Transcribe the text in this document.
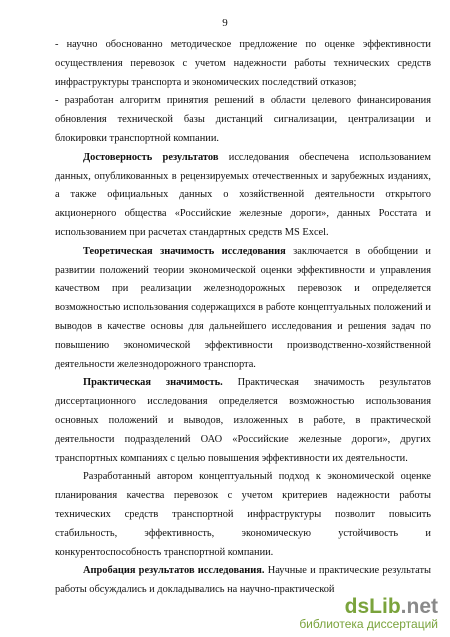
9

- научно обоснованно методическое предложение по оценке эффективности осуществления перевозок с учетом надежности работы технических средств инфраструктуры транспорта и экономических последствий отказов;

- разработан алгоритм принятия решений в области целевого финансирования обновления технической базы дистанций сигнализации, централизации и блокировки транспортной компании.

Достоверность результатов исследования обеспечена использованием данных, опубликованных в рецензируемых отечественных и зарубежных изданиях, а также официальных данных о хозяйственной деятельности открытого акционерного общества «Российские железные дороги», данных Росстата и использованием при расчетах стандартных средств MS Excel.

Теоретическая значимость исследования заключается в обобщении и развитии положений теории экономической оценки эффективности и управления качеством при реализации железнодорожных перевозок и определяется возможностью использования содержащихся в работе концептуальных положений и выводов в качестве основы для дальнейшего исследования и решения задач по повышению экономической эффективности производственно-хозяйственной деятельности железнодорожного транспорта.

Практическая значимость. Практическая значимость результатов диссертационного исследования определяется возможностью использования основных положений и выводов, изложенных в работе, в практической деятельности подразделений ОАО «Российские железные дороги», других транспортных компаниях с целью повышения эффективности их деятельности.

Разработанный автором концептуальный подход к экономической оценке планирования качества перевозок с учетом критериев надежности работы технических средств транспортной инфраструктуры позволит повысить стабильность, эффективность, экономическую устойчивость и конкурентоспособность транспортной компании.

Апробация результатов исследования. Научные и практические результаты работы обсуждались и докладывались на научно-практической

dsLib.net
библиотека диссертаций
